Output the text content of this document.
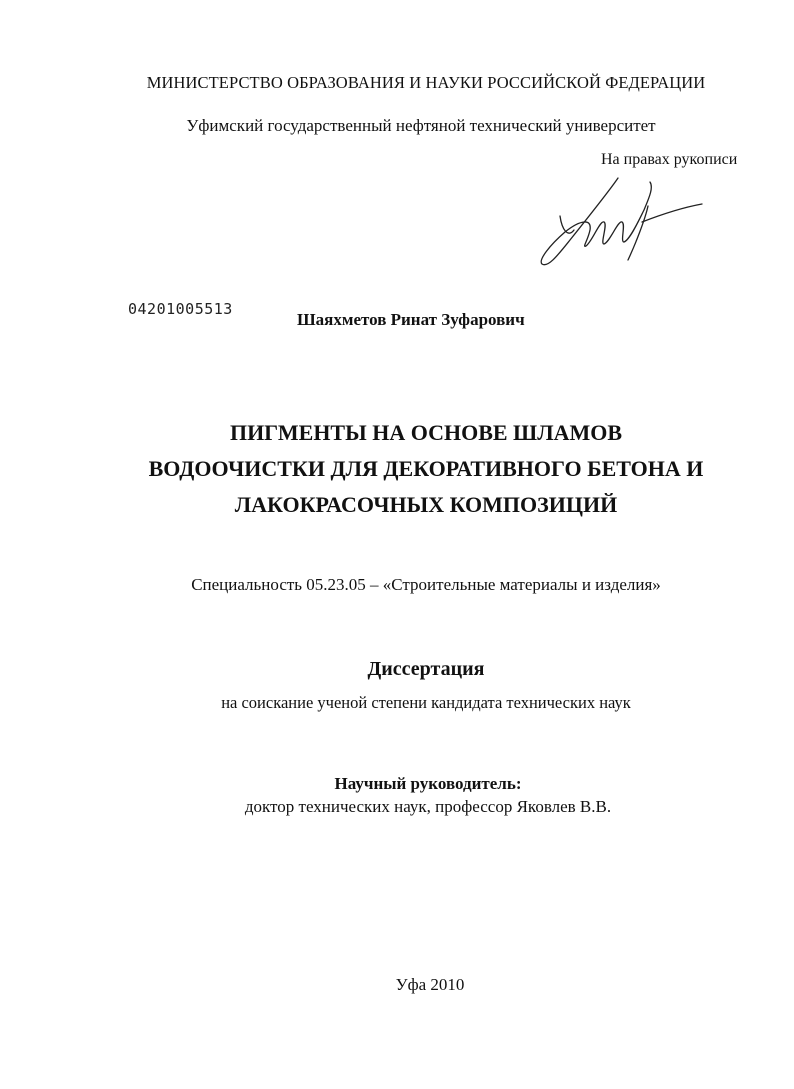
МИНИСТЕРСТВО ОБРАЗОВАНИЯ И НАУКИ РОССИЙСКОЙ ФЕДЕРАЦИИ
Уфимский государственный нефтяной технический университет
На правах рукописи
04201005513
Шаяхметов Ринат Зуфарович
ПИГМЕНТЫ НА ОСНОВЕ ШЛАМОВ
ВОДООЧИСТКИ ДЛЯ ДЕКОРАТИВНОГО БЕТОНА И
ЛАКОКРАСОЧНЫХ КОМПОЗИЦИЙ
Специальность 05.23.05 – «Строительные материалы и изделия»
Диссертация
на соискание ученой степени кандидата технических наук
Научный руководитель:
доктор технических наук, профессор Яковлев В.В.
Уфа 2010
